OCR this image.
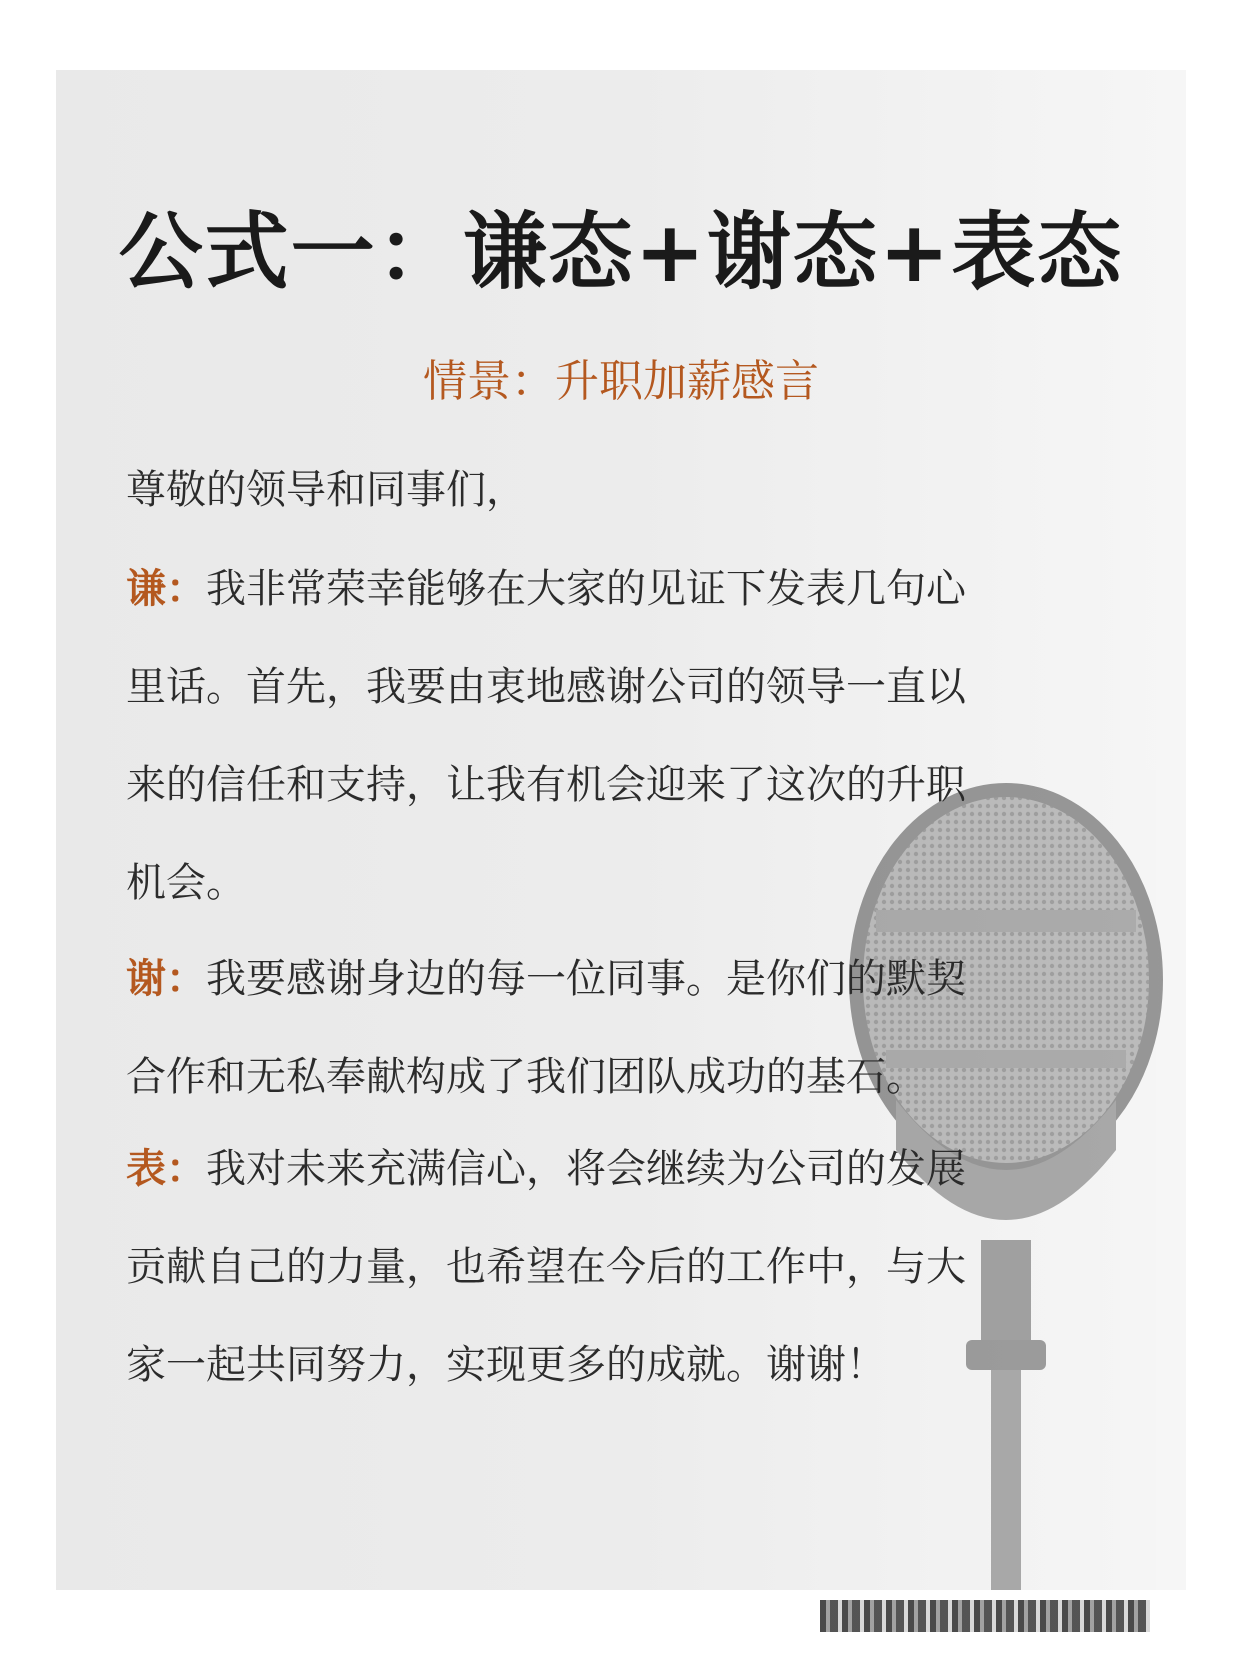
公式一：谦态+谢态+表态
情景：升职加薪感言
尊敬的领导和同事们，
谦：我非常荣幸能够在大家的见证下发表几句心
里话。首先，我要由衷地感谢公司的领导一直以
来的信任和支持，让我有机会迎来了这次的升职
机会。
谢：我要感谢身边的每一位同事。是你们的默契
合作和无私奉献构成了我们团队成功的基石。
表：我对未来充满信心，将会继续为公司的发展
贡献自己的力量，也希望在今后的工作中，与大
家一起共同努力，实现更多的成就。谢谢！
